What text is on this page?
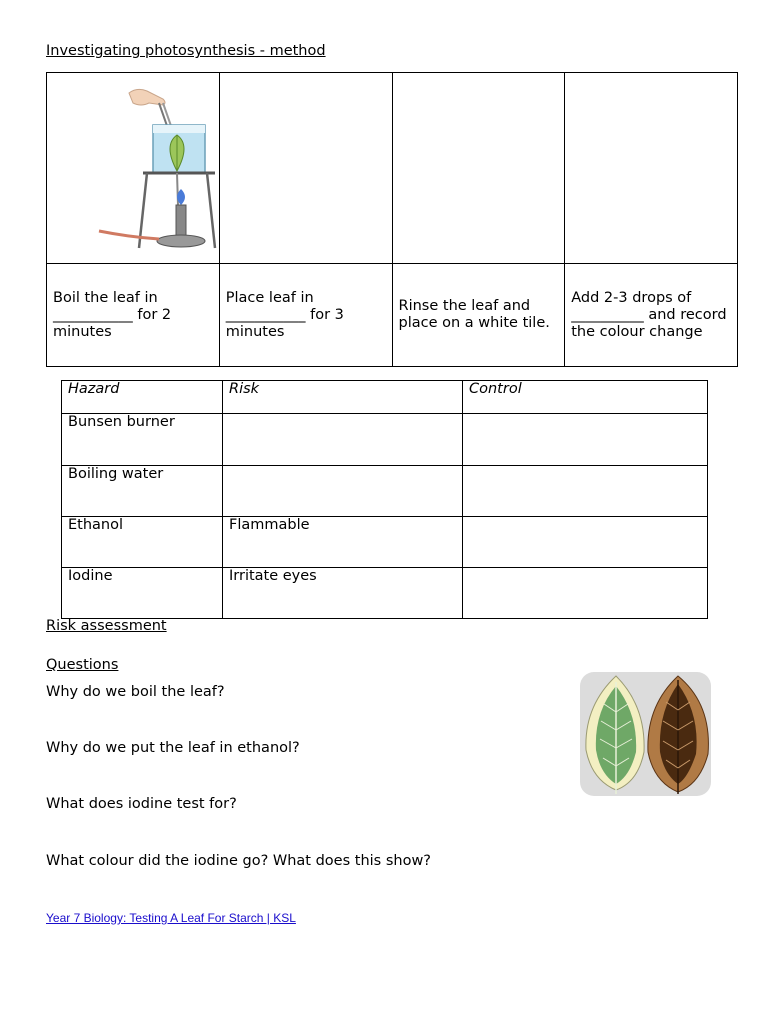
Investigating photosynthesis - method

Boil the leaf in ___________ for 2 minutes	Place leaf in ___________ for 3 minutes	Rinse the leaf and place on a white tile.	Add 2-3 drops of __________ and record the colour change
Hazard	Risk	Control
Bunsen burner		
Boiling water		
Ethanol	Flammable	
Iodine	Irritate eyes	
Risk assessment
Questions
Why do we boil the leaf?
Why do we put the leaf in ethanol?
What does iodine test for?
What colour did the iodine go? What does this show?
Year 7 Biology: Testing A Leaf For Starch | KSL
